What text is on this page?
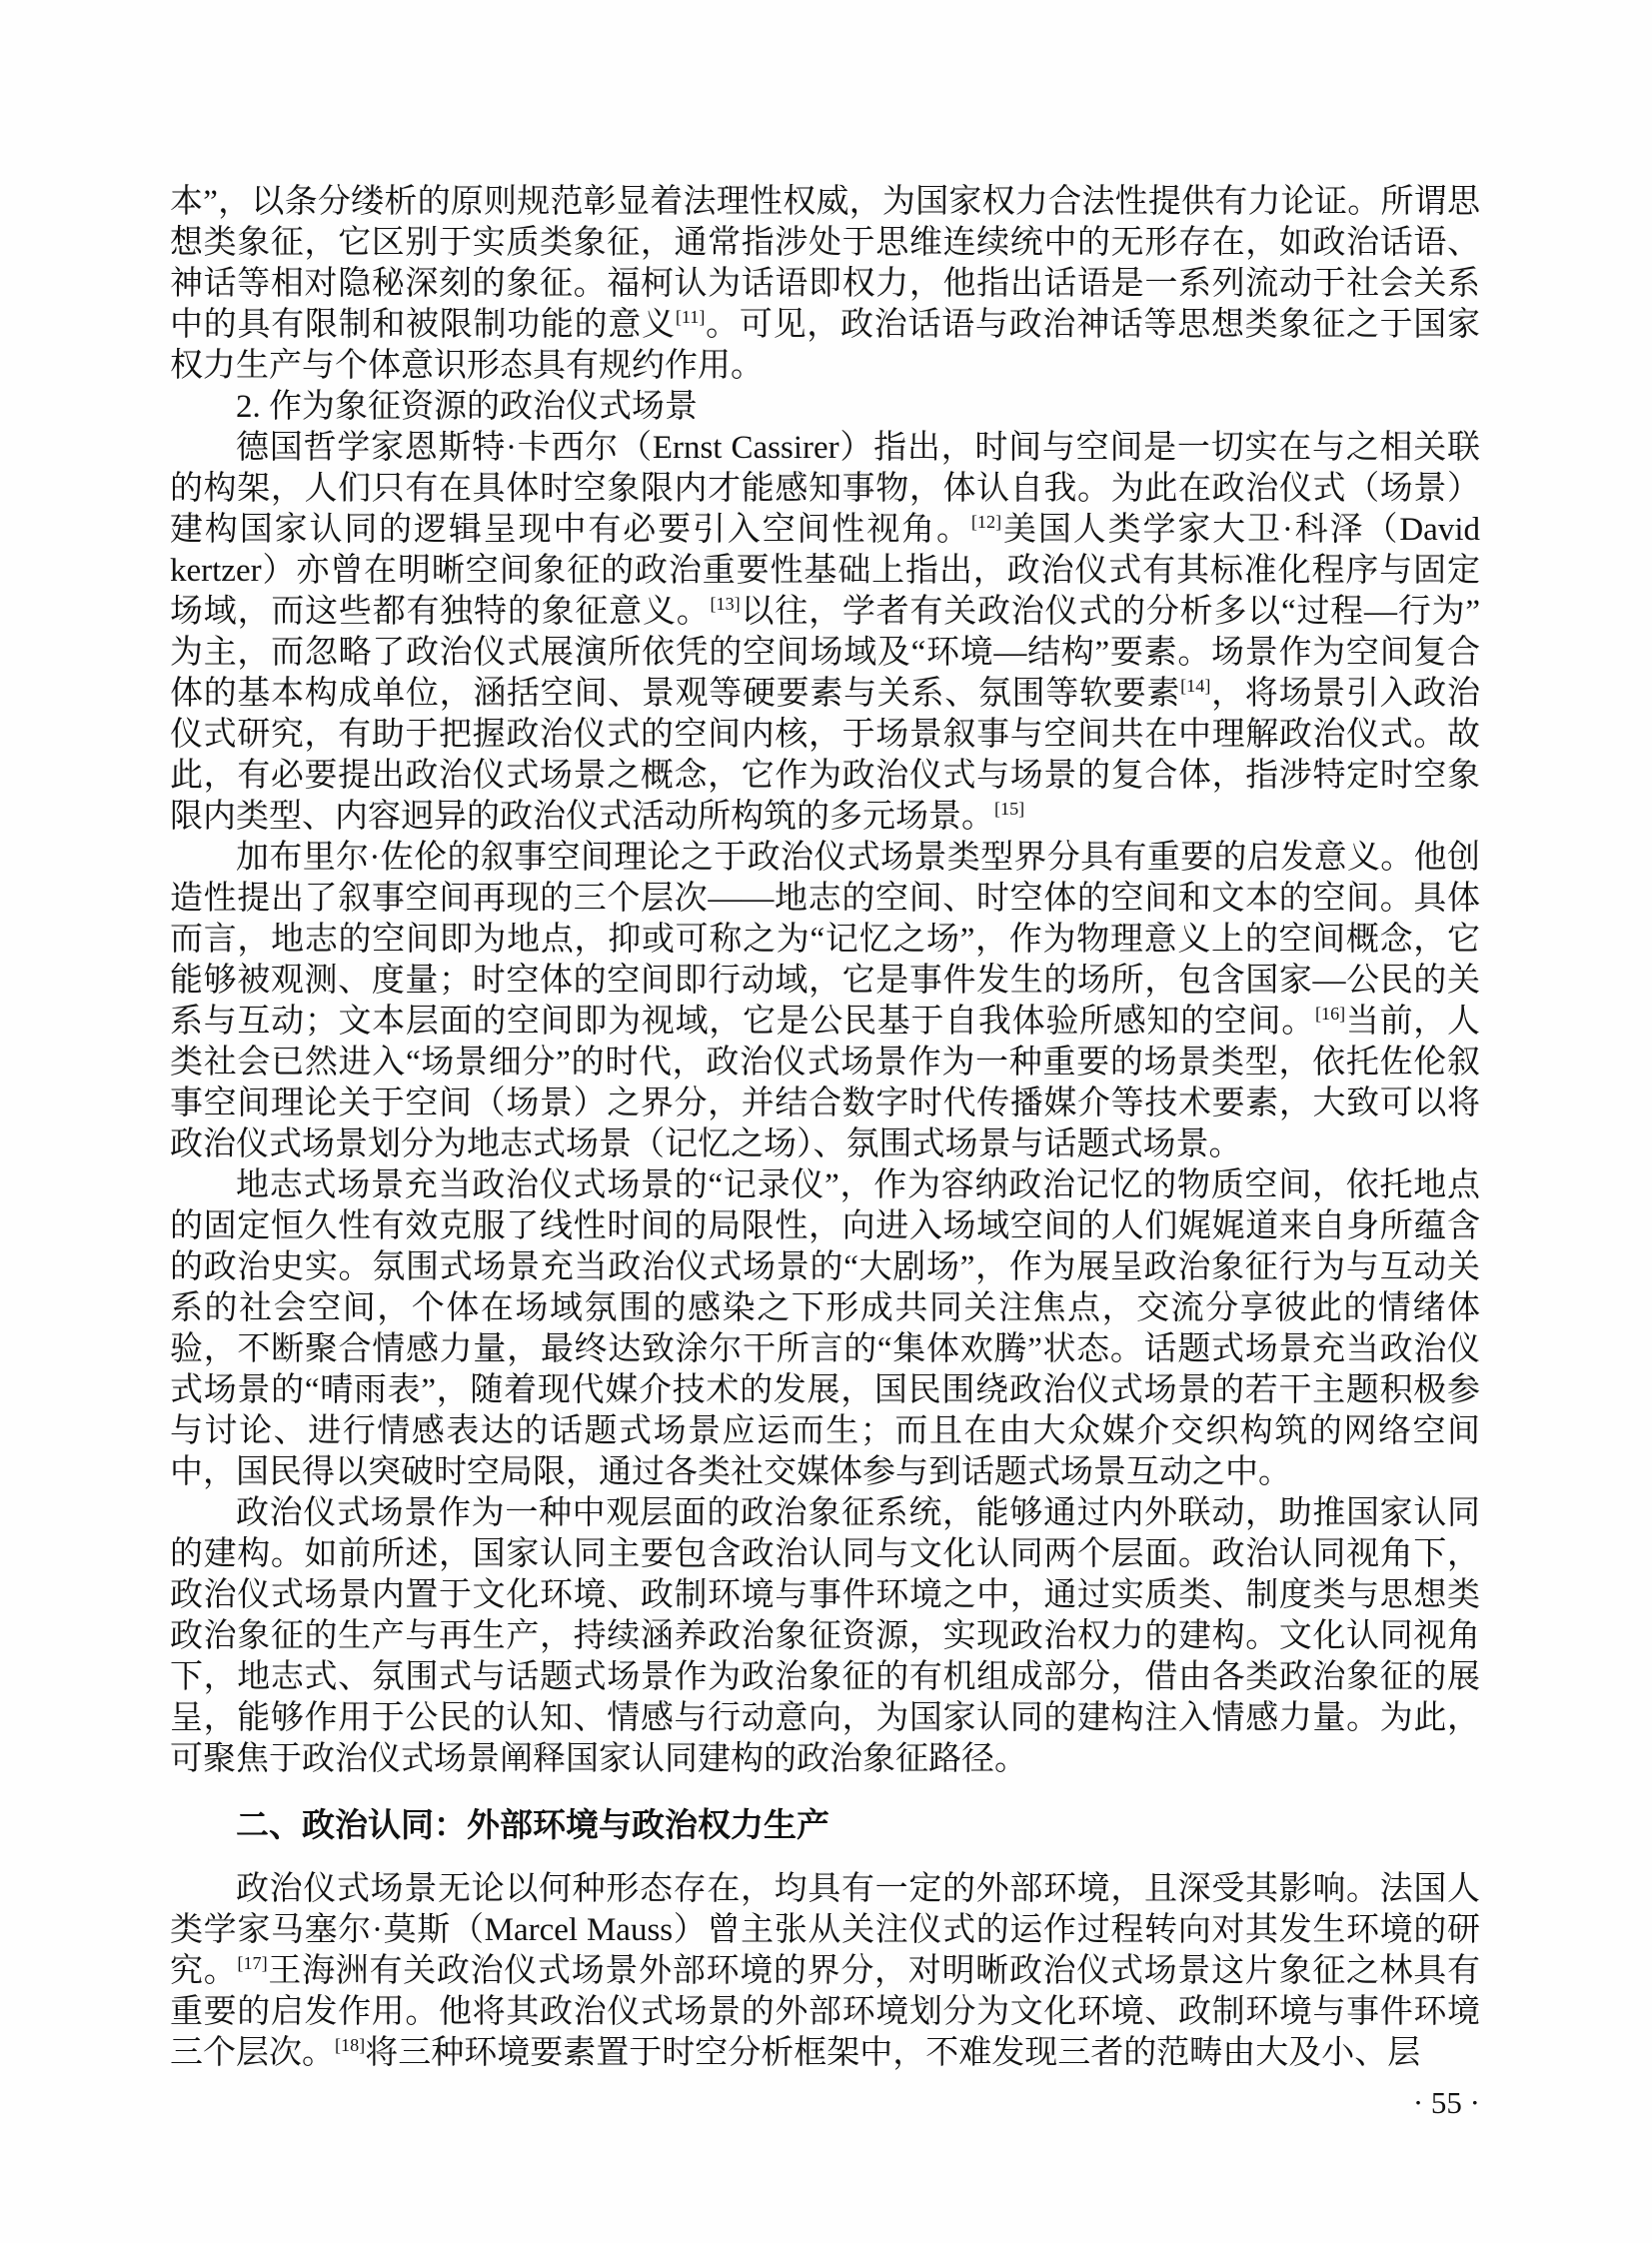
本”，以条分缕析的原则规范彰显着法理性权威，为国家权力合法性提供有力论证。所谓思想类象征，它区别于实质类象征，通常指涉处于思维连续统中的无形存在，如政治话语、神话等相对隐秘深刻的象征。福柯认为话语即权力，他指出话语是一系列流动于社会关系中的具有限制和被限制功能的意义[11]。可见，政治话语与政治神话等思想类象征之于国家权力生产与个体意识形态具有规约作用。

2. 作为象征资源的政治仪式场景

德国哲学家恩斯特·卡西尔（Ernst Cassirer）指出，时间与空间是一切实在与之相关联的构架，人们只有在具体时空象限内才能感知事物，体认自我。为此在政治仪式（场景）建构国家认同的逻辑呈现中有必要引入空间性视角。[12]美国人类学家大卫·科泽（David kertzer）亦曾在明晰空间象征的政治重要性基础上指出，政治仪式有其标准化程序与固定场域，而这些都有独特的象征意义。[13]以往，学者有关政治仪式的分析多以“过程—行为”为主，而忽略了政治仪式展演所依凭的空间场域及“环境—结构”要素。场景作为空间复合体的基本构成单位，涵括空间、景观等硬要素与关系、氛围等软要素[14]，将场景引入政治仪式研究，有助于把握政治仪式的空间内核，于场景叙事与空间共在中理解政治仪式。故此，有必要提出政治仪式场景之概念，它作为政治仪式与场景的复合体，指涉特定时空象限内类型、内容迥异的政治仪式活动所构筑的多元场景。[15]

加布里尔·佐伦的叙事空间理论之于政治仪式场景类型界分具有重要的启发意义。他创造性提出了叙事空间再现的三个层次——地志的空间、时空体的空间和文本的空间。具体而言，地志的空间即为地点，抑或可称之为“记忆之场”，作为物理意义上的空间概念，它能够被观测、度量；时空体的空间即行动域，它是事件发生的场所，包含国家—公民的关系与互动；文本层面的空间即为视域，它是公民基于自我体验所感知的空间。[16]当前，人类社会已然进入“场景细分”的时代，政治仪式场景作为一种重要的场景类型，依托佐伦叙事空间理论关于空间（场景）之界分，并结合数字时代传播媒介等技术要素，大致可以将政治仪式场景划分为地志式场景（记忆之场）、氛围式场景与话题式场景。

地志式场景充当政治仪式场景的“记录仪”，作为容纳政治记忆的物质空间，依托地点的固定恒久性有效克服了线性时间的局限性，向进入场域空间的人们娓娓道来自身所蕴含的政治史实。氛围式场景充当政治仪式场景的“大剧场”，作为展呈政治象征行为与互动关系的社会空间，个体在场域氛围的感染之下形成共同关注焦点，交流分享彼此的情绪体验，不断聚合情感力量，最终达致涂尔干所言的“集体欢腾”状态。话题式场景充当政治仪式场景的“晴雨表”，随着现代媒介技术的发展，国民围绕政治仪式场景的若干主题积极参与讨论、进行情感表达的话题式场景应运而生；而且在由大众媒介交织构筑的网络空间中，国民得以突破时空局限，通过各类社交媒体参与到话题式场景互动之中。

政治仪式场景作为一种中观层面的政治象征系统，能够通过内外联动，助推国家认同的建构。如前所述，国家认同主要包含政治认同与文化认同两个层面。政治认同视角下，政治仪式场景内置于文化环境、政制环境与事件环境之中，通过实质类、制度类与思想类政治象征的生产与再生产，持续涵养政治象征资源，实现政治权力的建构。文化认同视角下，地志式、氛围式与话题式场景作为政治象征的有机组成部分，借由各类政治象征的展呈，能够作用于公民的认知、情感与行动意向，为国家认同的建构注入情感力量。为此，可聚焦于政治仪式场景阐释国家认同建构的政治象征路径。

二、政治认同：外部环境与政治权力生产

政治仪式场景无论以何种形态存在，均具有一定的外部环境，且深受其影响。法国人类学家马塞尔·莫斯（Marcel Mauss）曾主张从关注仪式的运作过程转向对其发生环境的研究。[17]王海洲有关政治仪式场景外部环境的界分，对明晰政治仪式场景这片象征之林具有重要的启发作用。他将其政治仪式场景的外部环境划分为文化环境、政制环境与事件环境三个层次。[18]将三种环境要素置于时空分析框架中，不难发现三者的范畴由大及小、层

· 55 ·
